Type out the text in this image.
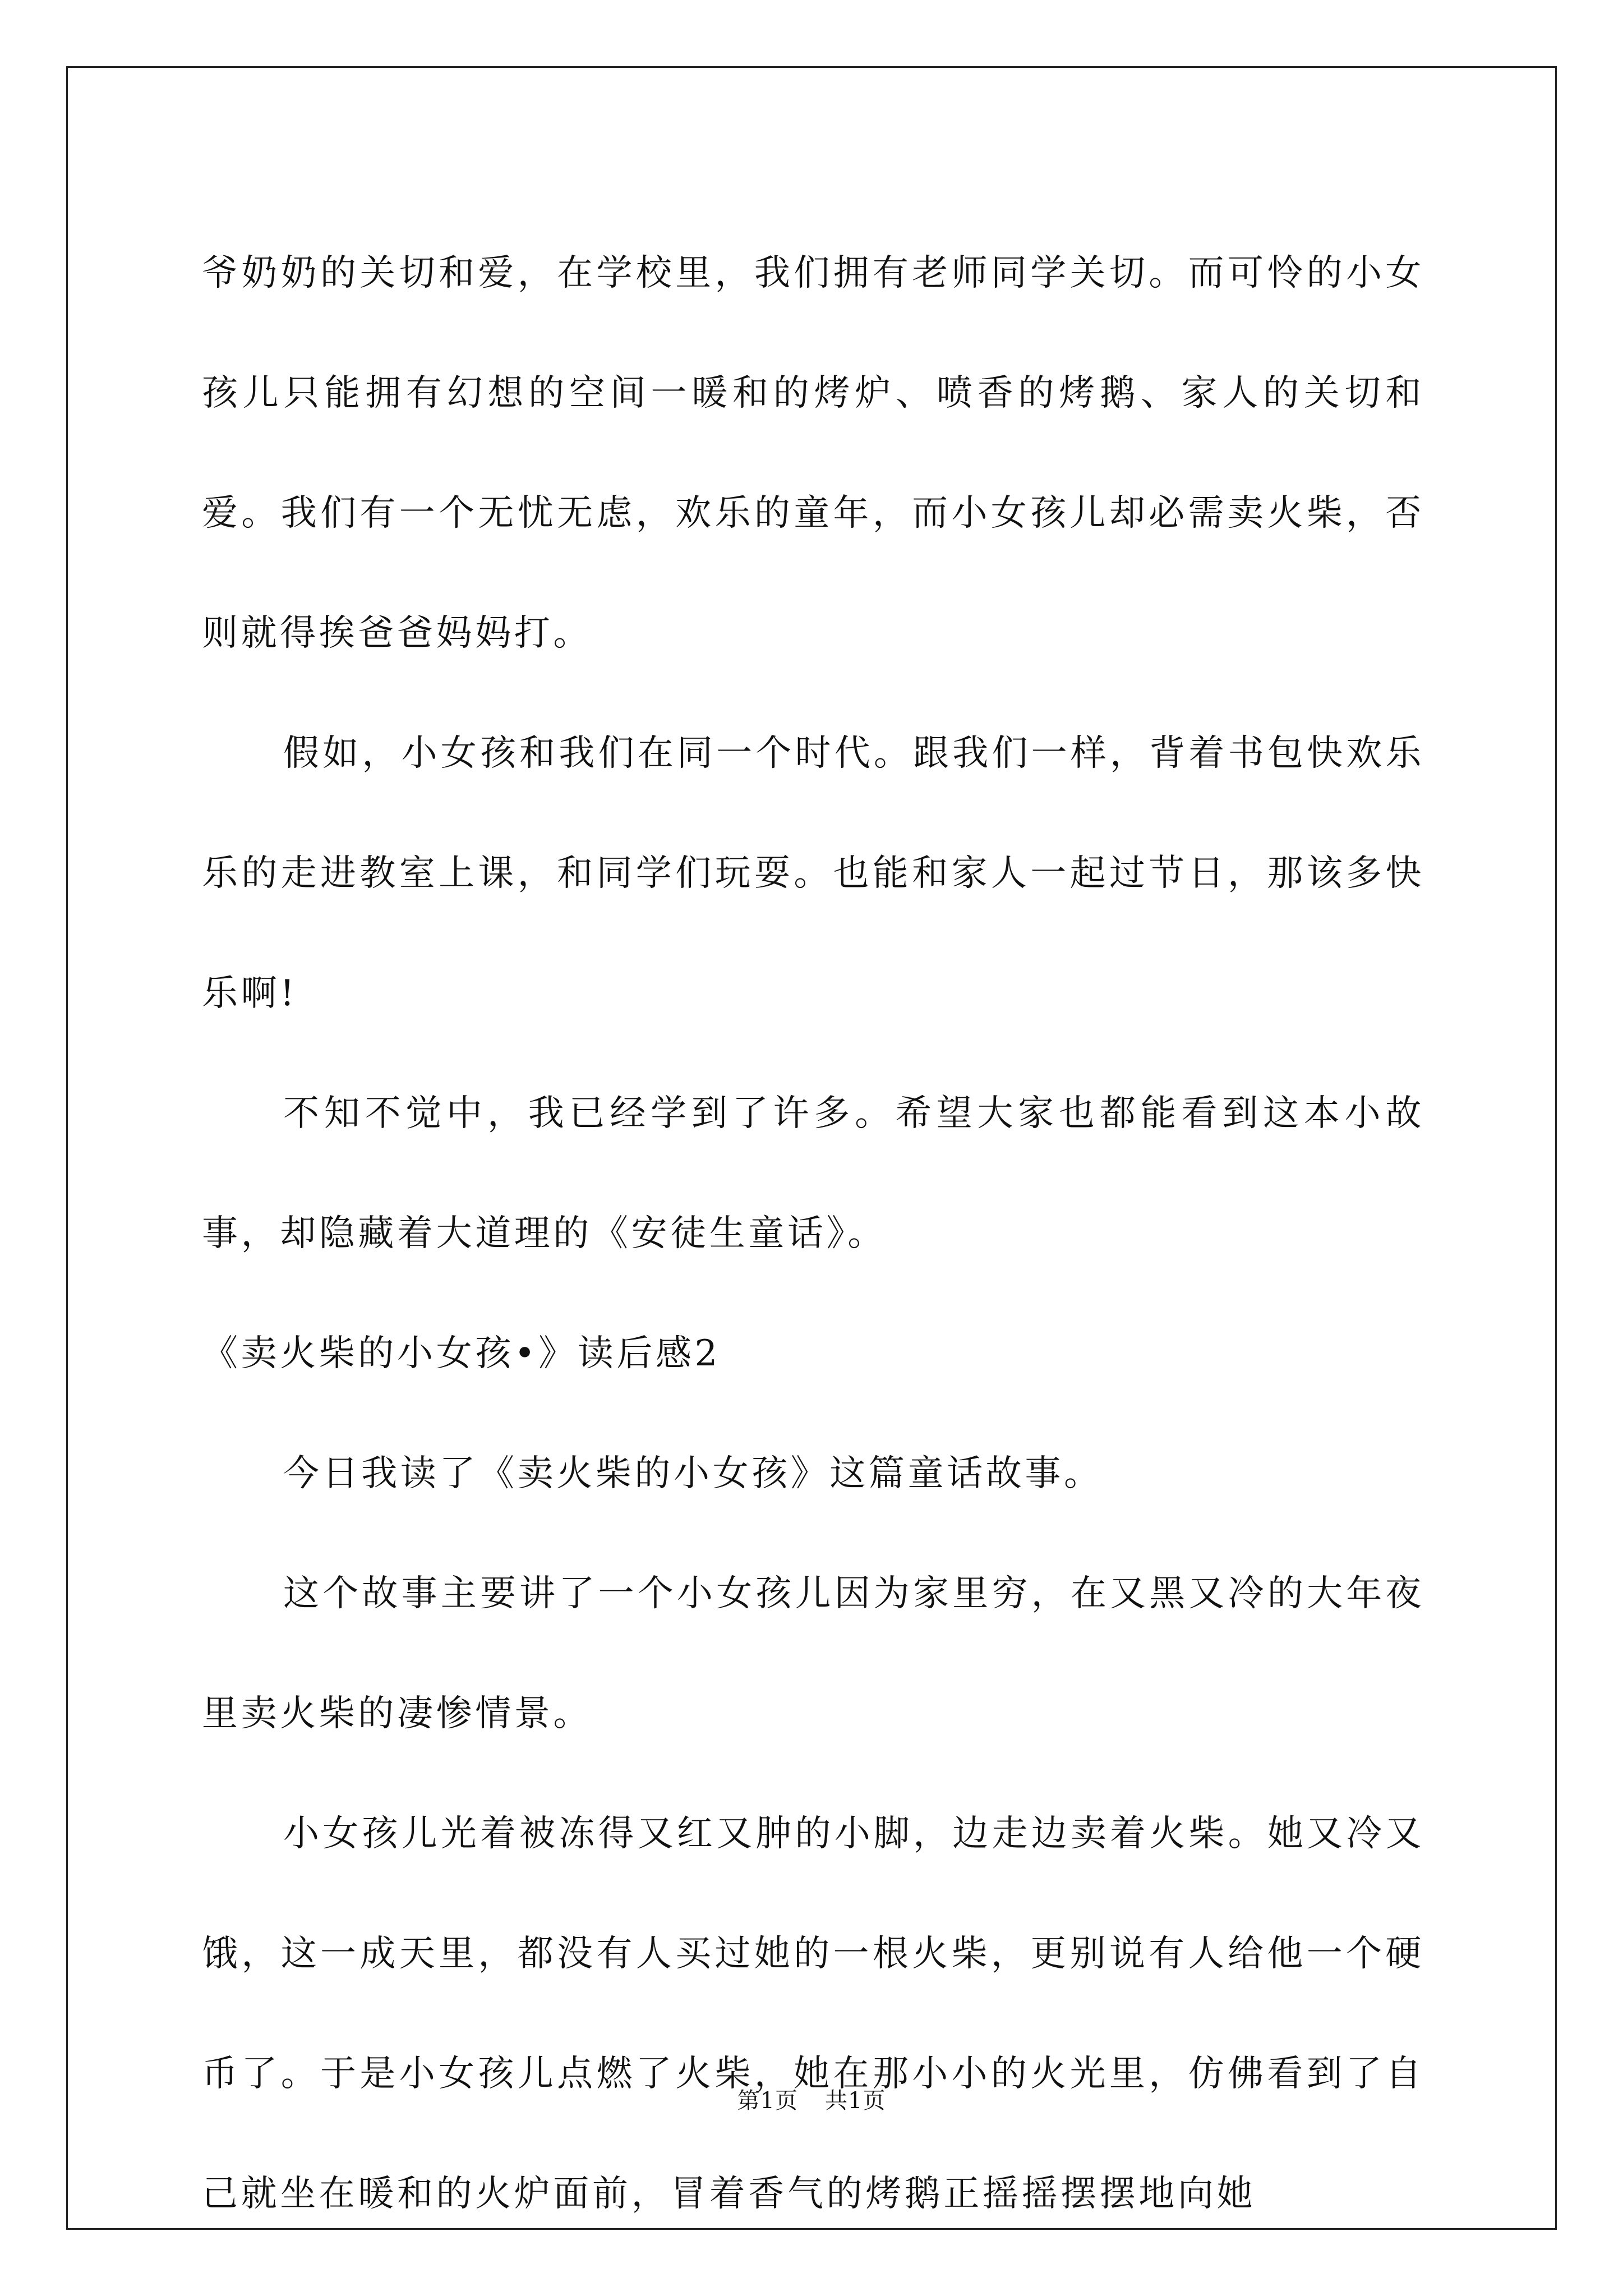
爷奶奶的关切和爱，在学校里，我们拥有老师同学关切。而可怜的小女孩儿只能拥有幻想的空间一暖和的烤炉、喷香的烤鹅、家人的关切和爱。我们有一个无忧无虑，欢乐的童年，而小女孩儿却必需卖火柴，否则就得挨爸爸妈妈打。

假如，小女孩和我们在同一个时代。跟我们一样，背着书包快欢乐乐的走进教室上课，和同学们玩耍。也能和家人一起过节日，那该多快乐啊!

不知不觉中，我已经学到了许多。希望大家也都能看到这本小故事，却隐藏着大道理的《安徒生童话》。

《卖火柴的小女孩•》读后感2

今日我读了《卖火柴的小女孩》这篇童话故事。

这个故事主要讲了一个小女孩儿因为家里穷，在又黑又冷的大年夜里卖火柴的凄惨情景。

小女孩儿光着被冻得又红又肿的小脚，边走边卖着火柴。她又冷又饿，这一成天里，都没有人买过她的一根火柴，更别说有人给他一个硬币了。于是小女孩儿点燃了火柴，她在那小小的火光里，仿佛看到了自己就坐在暖和的火炉面前，冒着香气的烤鹅正摇摇摆摆地向她

第1页 共1页
